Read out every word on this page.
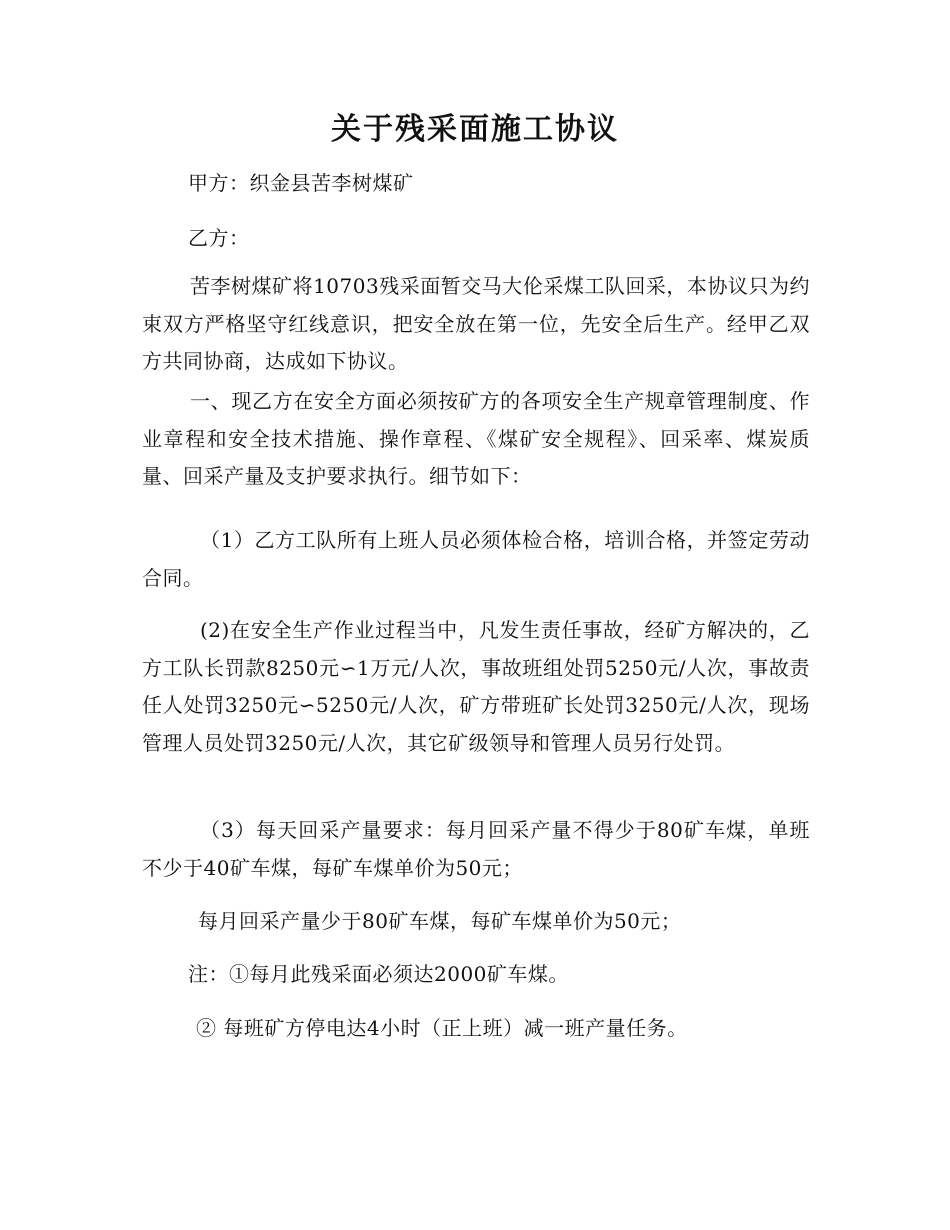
关于残采面施工协议
甲方：织金县苦李树煤矿
乙方：
苦李树煤矿将10703残采面暂交马大伦采煤工队回采，本协议只为约束双方严格坚守红线意识，把安全放在第一位，先安全后生产。经甲乙双方共同协商，达成如下协议。
一、现乙方在安全方面必须按矿方的各项安全生产规章管理制度、作业章程和安全技术措施、操作章程、《煤矿安全规程》、回采率、煤炭质量、回采产量及支护要求执行。细节如下：
（1）乙方工队所有上班人员必须体检合格，培训合格，并签定劳动合同。
(2)在安全生产作业过程当中，凡发生责任事故，经矿方解决的，乙方工队长罚款8250元∽1万元/人次，事故班组处罚5250元/人次，事故责任人处罚3250元∽5250元/人次，矿方带班矿长处罚3250元/人次，现场管理人员处罚3250元/人次，其它矿级领导和管理人员另行处罚。
（3）每天回采产量要求：每月回采产量不得少于80矿车煤，单班不少于40矿车煤，每矿车煤单价为50元；
每月回采产量少于80矿车煤，每矿车煤单价为50元；
注：①每月此残采面必须达2000矿车煤。
② 每班矿方停电达4小时（正上班）减一班产量任务。
